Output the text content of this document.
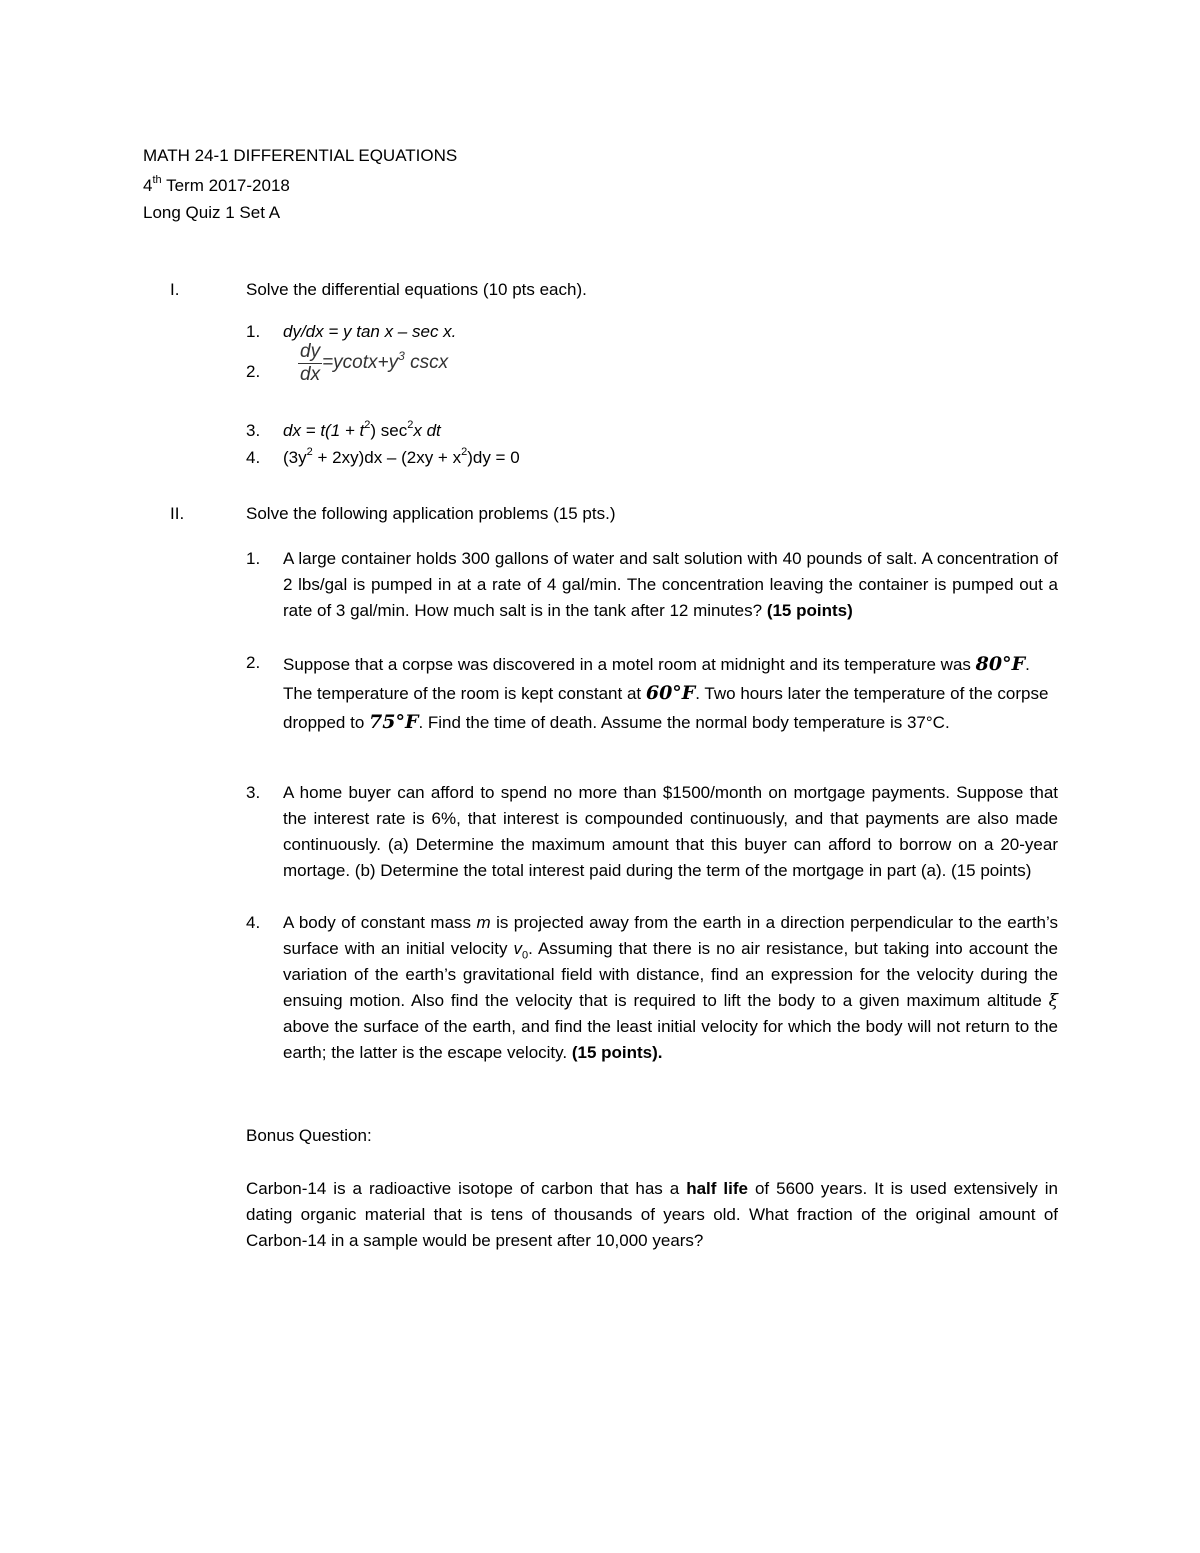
MATH 24-1 DIFFERENTIAL EQUATIONS
4th Term 2017-2018
Long Quiz 1 Set A
I.	Solve the differential equations (10 pts each).
1. dy/dx = y tan x – sec x.
2. $\frac{dy}{dx} =ycotx+y^3$ cscx
3. dx = $t(1 + t^2)$ $\sec^2x$ dt
4. $(3y^2 + 2xy)dx - (2xy + x^2)dy = 0$
II.	Solve the following application problems (15 pts.)
1. A large container holds 300 gallons of water and salt solution with 40 pounds of salt. A concentration of 2 lbs/gal is pumped in at a rate of 4 gal/min. The concentration leaving the container is pumped out a rate of 3 gal/min. How much salt is in the tank after 12 minutes? (15 points)
2. Suppose that a corpse was discovered in a motel room at midnight and its temperature was 80°F. The temperature of the room is kept constant at 60°F. Two hours later the temperature of the corpse dropped to 75°F. Find the time of death. Assume the normal body temperature is 37°C.
3. A home buyer can afford to spend no more than $1500/month on mortgage payments. Suppose that the interest rate is 6%, that interest is compounded continuously, and that payments are also made continuously. (a) Determine the maximum amount that this buyer can afford to borrow on a 20-year mortage. (b) Determine the total interest paid during the term of the mortgage in part (a). (15 points)
4. A body of constant mass m is projected away from the earth in a direction perpendicular to the earth’s surface with an initial velocity $v_0$. Assuming that there is no air resistance, but taking into account the variation of the earth’s gravitational field with distance, find an expression for the velocity during the ensuing motion. Also find the velocity that is required to lift the body to a given maximum altitude ξ above the surface of the earth, and find the least initial velocity for which the body will not return to the earth; the latter is the escape velocity. (15 points).
Bonus Question:
Carbon-14 is a radioactive isotope of carbon that has a half life of 5600 years. It is used extensively in dating organic material that is tens of thousands of years old. What fraction of the original amount of Carbon-14 in a sample would be present after 10,000 years?
